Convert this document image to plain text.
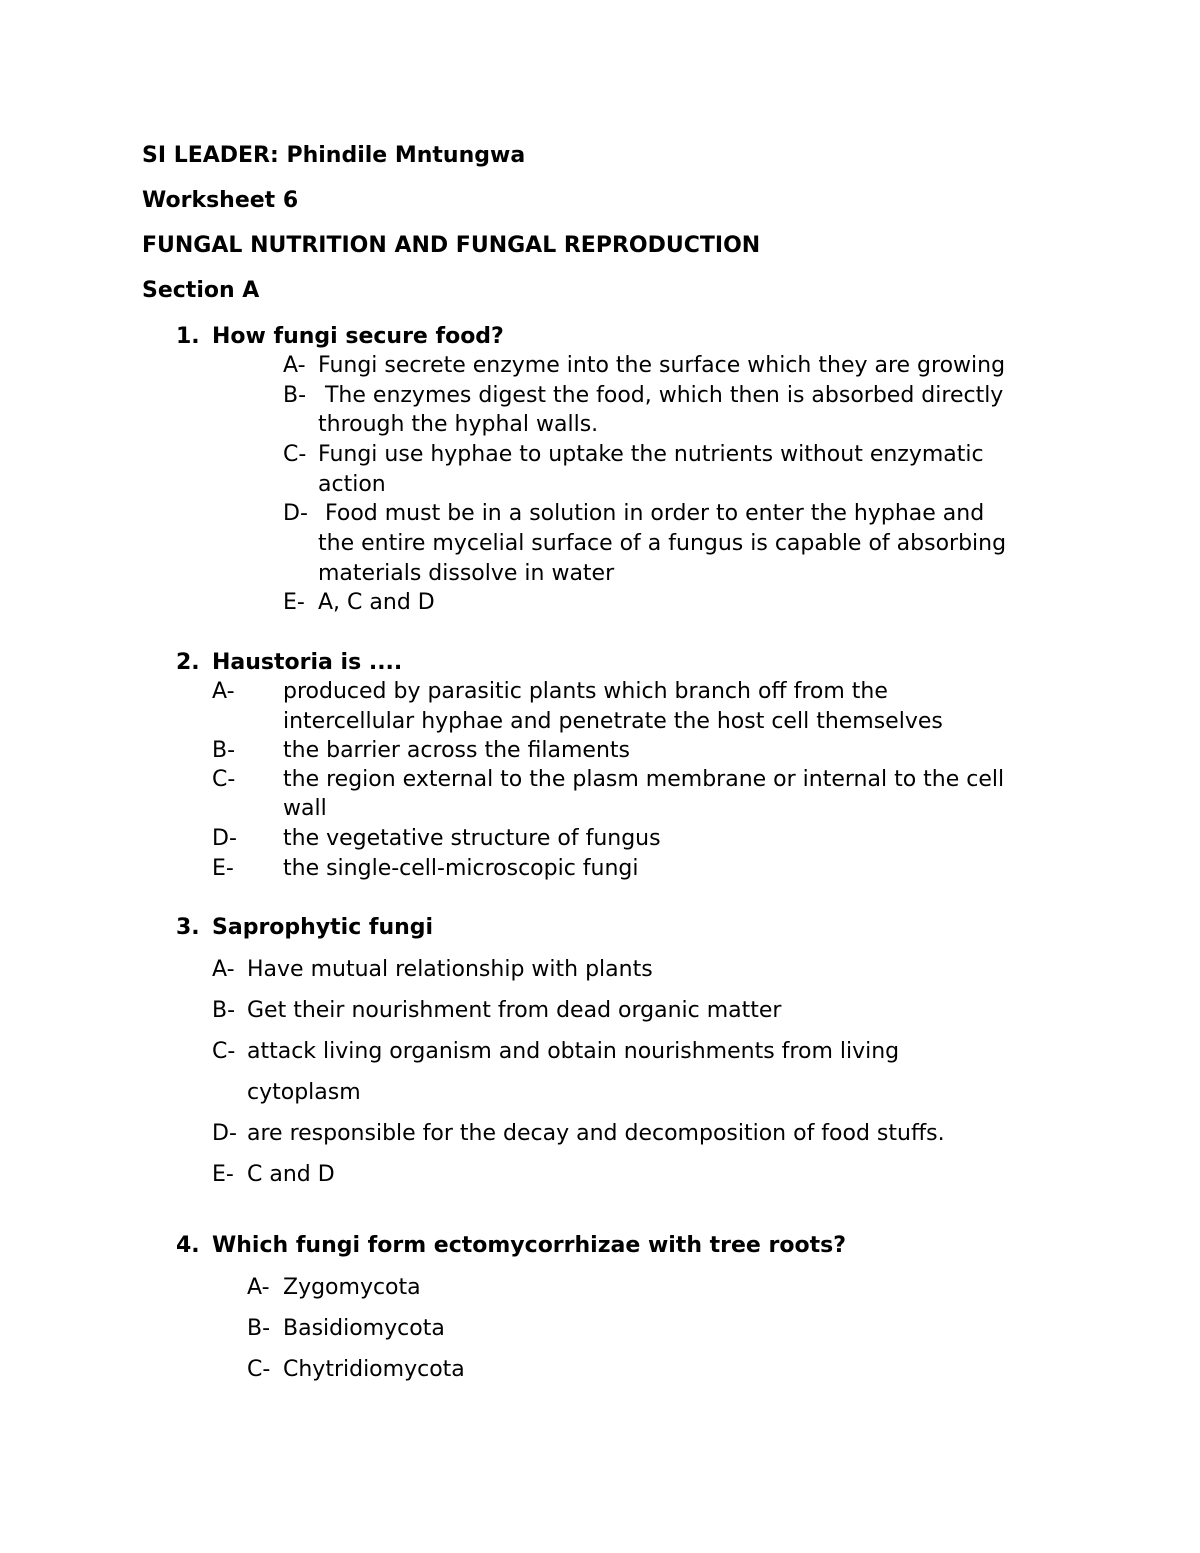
SI LEADER: Phindile Mntungwa
Worksheet 6
FUNGAL NUTRITION AND FUNGAL REPRODUCTION
Section A
1. How fungi secure food?
A- Fungi secrete enzyme into the surface which they are growing
B- The enzymes digest the food, which then is absorbed directly
through the hyphal walls.
C- Fungi use hyphae to uptake the nutrients without enzymatic
action
D- Food must be in a solution in order to enter the hyphae and
the entire mycelial surface of a fungus is capable of absorbing
materials dissolve in water
E- A, C and D
2. Haustoria is ....
A- produced by parasitic plants which branch off from the
intercellular hyphae and penetrate the host cell themselves
B- the barrier across the filaments
C- the region external to the plasm membrane or internal to the cell
wall
D- the vegetative structure of fungus
E- the single-cell-microscopic fungi
3. Saprophytic fungi
A- Have mutual relationship with plants
B- Get their nourishment from dead organic matter
C- attack living organism and obtain nourishments from living
cytoplasm
D- are responsible for the decay and decomposition of food stuffs.
E- C and D
4. Which fungi form ectomycorrhizae with tree roots?
A- Zygomycota
B- Basidiomycota
C- Chytridiomycota
